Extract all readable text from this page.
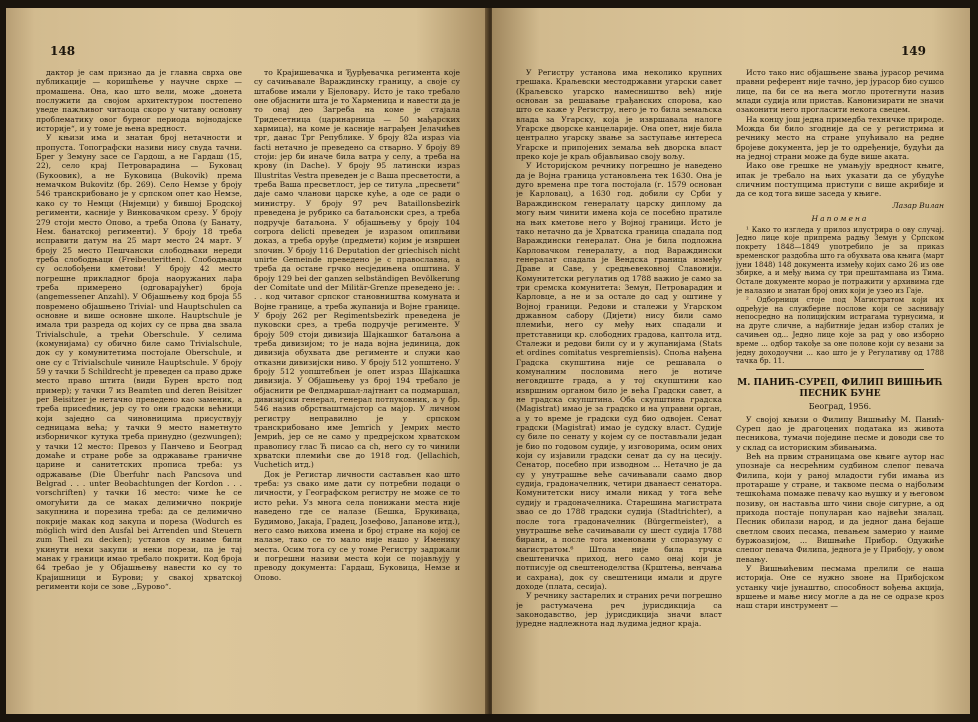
148

дактор је сам признао да је главна сврха ове публикације — коришћење у научне сврхе — промашена. Она, као што вели, може „донета послужити да својом архитектуром постепено уведе пажљивог читаоца скоро у читаву основну проблематику овог бурног периода војнодајске историје“, и у томе је њена вредност.

У књизи има и знатан број нетачности и пропуста. Топографски називи нису свуда тачни. Брег у Земуну засе се Гардош, а не Гардаш (15, 22), село крај Петроварадина — Буковац (Букоовик), а не Буковица (Bukovik) према немачком Bukovitz (бр. 269). Село Немзе у броју 546 транскрибовано је у српском опет као Немзе, како су то Немци (Нијемци) у бившој Бродској регименти, касније у Винковачком срезу. У броју 279 стоји место Опово, а треба Опова (у Банату, Нем. банатској регименти). У броју 18 треба исправити датум на 25 март место 24 март. У броју 25 место Пешчански слободњаки нереди треба слободњаци (Freibeuteritten). Слободњаци су ослобођени кметови! У броју 42 место погрешне прикладног броја наоружаних лаþа треба примерено (одговарајућег) броја (angemessener Anzahl). У Објашњењу код броја 55 повремено објашњено Trivial- und Hauptschulen са основне и више основне школе. Hauptschule је имала три разреда од којих су се прва два звала Trivialschule, а трећи Oberschule. У селима (комунијама) су обично биле само Trivialschule, док су у комунитетима постојале Oberschule, и оне су с Trivialschule чиниле Hauptschule. У броју 59 у тачки 5 Schildrecht је преведен са право држе место право штита (види Бурен врсто под пример); у тачки 7 из Beamten und deren Beisitzer рег Beisitzer је нетачно преведено као заменик, а треба присеđник, јер су то они градски већници који заједно са чиновницима присуствују седницама већа; у тачки 9 место наметнуто изборничког кутука треба принудно (gezwungen); у тачки 12 место: Превоз у Панчево и Београд домаће и стране робе за одржавање граничне царине и санитетских прописа треба: уз одржавање (Die Überfuhr nach Pancsova und Belgrad . . . unter Beobachtungen der Kordon . . . vorschriften) у тачки 16 место: чиме ће се омогућити да се маках делимично покрије закупнина и порезина треба: да се делимично покрије макак код закупа и пореза (Wodurch es möglich wird den Ausfal bei Arrenden und Steuern zum Theil zu decken); установ су наиме били укинути неки закупи и неки порези, па је тај манак у граници имао требало покрити. Код броја 64 требао је у Објашњењу навести ко су то Крајишници и Бурови; у свакој хрватској регименти који се зове ,,Бурово“.

то Крајишевачка и Ђурђевачка регимента које су сачињавале Вараждинску границу, а своје су штабове имали у Бјеловару. Исто је тако требало оне објаснити шта је то Харменица и навести да је то онај део Загреба на коме је стајала Тридесетница (царинарница — 50 мађарских хармица), на коме је касније награђен Јелачићев трг, данас Трг Републике. У броју 82а израз via facti нетачно је преведено са стварно. У броју 89 стоји: јер би иначе била ватра у селу, а треба на крову (in Dache). У броју 95 латински израз Illustritas Vestra преведен је с Ваша пресветости, а треба Ваша пресветлост, јер се титула „пресвети“ даје само чланови царске куће, а оде се ради о министру. У броју 97 реч Bataillonsbezirk преведена је рубрико са батаљонски срез, а треба подручје батаљона. У објашњењу у броју 104 corpora delicti преведен је изразом опипљиви доказ, а треба оруђе (предмети) којим је извршен злочин. У броју 116 Deputation der griechisch nicht unirte Gemeinde преведено је с православна, а треба да остане грчко несједињена општина. У броју 129 bei der ganzen selbständigen Bevölkerung der Comitate und der Militär-Grenze преведено је: . . . код читавог српског становништва комуната и Војне границе, а треба жупанија и Војне границе. У броју 262 рег Regimentsbezirk преведена је пуковски срез, а треба подручје регименте. У броју 509 стоји дивизија Шајкашког батаљона а треба дивизијом; то је нада војна јединица, док дивизија обухвата две регименте и служи као отказни дивизијски ниво. У броју 512 уопштено. У броју 512 уопштебљен је опет израз Шајкашка дивизија. У Објашњењу уз број 194 требало је објаснити ре Фелдмаршал-лајтнант са подмаршал, дивизијски генерал, генерал потпуковник, а у бр. 546 назив обрстваштмајстор са мајор. У личном регистру неправилно је у српском транскрибовано име Jemrich у Јемрих место Јемрић, јер се не само у предрејском хрватском правопису глас Ћ писао са ch, него су то чинили хрватски племићи све до 1918 год. (Jellachich, Vuchetich итд.)

Док је Регистар личности састављен као што треба: уз свако име дати су потребни подаци о личности, у Географском регистру не може се то исто рећи. Уз многа села понижани места није наведено где се налазе (Бешка, Брукиваца, Будимово, Јакаја, Градец, Јозефово, Јапанове итд.), него само њихова имена и број стране на којој се налазе, тако се то мало није нашо у Именику места. Осим тога су се у томе Регистру задржали и погрешни називи места који се појављују у преводу документа: Гардаш, Буковица, Немзе и Опово.

149

У Регистру установа има неколико крупних грешака. Краљевски местодржавни угарски савет (Краљевско угарско намесништво већ) није основан за решавање грађанских спорова, као што се каже у Регистру, него је то била земаљска влада за Угарску, која је извршавала налоге Угарске дворске канцеларије. Она опет, није била централно угарску звање за заступање интереса Угарске и припојених земаља већ дворска власт преко које је краљ објављивао своју вољу.

У Историјском речнику погрешно је наведено да је Војна граница установљена тек 1630. Она је дуго времена пре тога постојала (г. 1579 основан је Карловац), а 1630 год. добили су Срби у Вараждинском генералату царску дипломy да могу њим чинити имена која се посебно пратиле на њих кметове него у Војној граници. Исто је тако нетачно да је Хрватска граница спадала под Вараждински генералат. Она је била подложна Карловачком генералату, а под Вараждински генералат спадала је Вендска граница између Драве и Саве, у средњевековној Славонији. Комунитетски регулатив од 1788 важио је само за три сремска комунитета: Земун, Петроварадин и Карловце, а не и за остале до сад у оштине у Војној граници. Редови и сталежи у Угарском државном сабору (Дијети) нису били само племићи, него су међу њих спадали и претставници кр. слободних градова, каптола итд. Сталежи и редови били су и у жупанијама (Stats et ordines comitatus vespremiensis). Споља нађена Градска скупштина није се решавала о комуналним пословима него је нотиче неговдиште града, а у тој скупштини као извршним органом било је већа Градски савет, а не градска скупштина. Оба скупштина градска (Magistrat) имао је за градско и на управни орган, а у то време је градски суд био одвојен. Сенат градски (Magistrat) имао је судску власт. Судије су биле по сенату у којем су се постављали један је био по годовом судије, у изговорима, осим оних који су изјавили градски сенат да су на цесију. Сенатор, посебно при изводном ... Нетачно је да су у унутрашње веће сачињавали саамо двор судија, градоначелник, четири дванаест сенатора. Комунитетски нису имали никад у тога веће судију и градоначелника. Старешина магистрата звао се до 1788 градски судија (Stadtrichter), а после тога градоначелник (Bürgermeister), а унутрашње веће сачињавали су шест судија 1788 бирани, а после тога именовани у споразуму с магистратом.⁶ Штола није била грчка свештеничка приход, него само онај који је потписује од свештеноделства (Крштења, венчања и сахрана), док су свештеници имали и друге доходе (плата, сесија).

У речнику застарелих и страних речи погрешно је растумачена реч јурисдикција са законодавство, јер јурисдикција значи власт јуредне надлежнота над људима једног краја.

Исто тако нис објашњене звања јурасор речима правни референт није тачно, јер јурасор био сушсо лице, па би се на њега могло протегнути назив млади судија или пристав. Канонизирати не значи озаконити него прогласити некога свецем.

На концу још једна примедба техничке природе. Можда би било згодније да се у регистрима и речнику место на стране упућивало на редне бројеве документа, јер је то одређеније, будући да на једној страни може да буде више аката.

Иако ове грешке не умањују вредност књиге, ипак је требало на њих указати да се убудуће сличним поступцима приступи с више акрибије и да се код тога више заседа у књиге.

Лазар Вилан
Напомена

¹ Како то изгледа у прилоз илустрира о ову случај. Једно лице које припрема радњу Земун у Српском покрету 1848—1849 употребило је за приказ временског раздобља што га обухвата ова књига (март јуни 1848) 148 документа између којих само 26 из ове збирке, а и међу њима су три прештампана из Тима. Остале документе морао је потражити у архивима где је налазио и знатан број оних који је узео из Гаје.

² Одборници стоје под Магистратом који их одређује на служберне послове који се заснивају непосредно на полицијским истрагама турнусима, и на друге сличне, а најбитније један избор сталих је сачињен од... Једно лице које за рад у ово изборно време ... одбор такође за оне полове који су везани за једну доходоучни ... као што је у Регулативу од 1788 тачка бр. 11.

М. ПАНИЋ-СУРЕП, ФИЛИП ВИШЊИЋ
ПЕСНИК БУНЕ
Београд, 1956.

У својој књизи о Филипу Вишњићу М. Панић-Суреп дао је драгоцених података из живота песникова, тумачи поједине песме и доводи све то у склад са историским збивањима.

Већ на првим страницама ове књиге аутор нас упознаје са несрећним судбином слепог певача Филипа, који у раној младости губи имања из протараше у стране, и таквоме песма о најбољим тешкоћама помаже певачу као њушку и у његовом позиву, он наставља што чини своје сигурне, а од прихода постаје популаран као највећи зналац. Песник обилази народ, и да једног дана бејаше светлом своих песама, певањем замерио у наиме буржоазијом, ... Вишњиће Прибор. Одужиће слепог певача Филипа, једнога је у Прибоју, у овом певању.

У Вишњићевим песмама прелили се наша историја. Оне се нужно звоне на Прибојском устанку чије јунаштво, способност вођења акција, вршење и мање нису могле а да не се одразе кроз наш стари инструмент —
